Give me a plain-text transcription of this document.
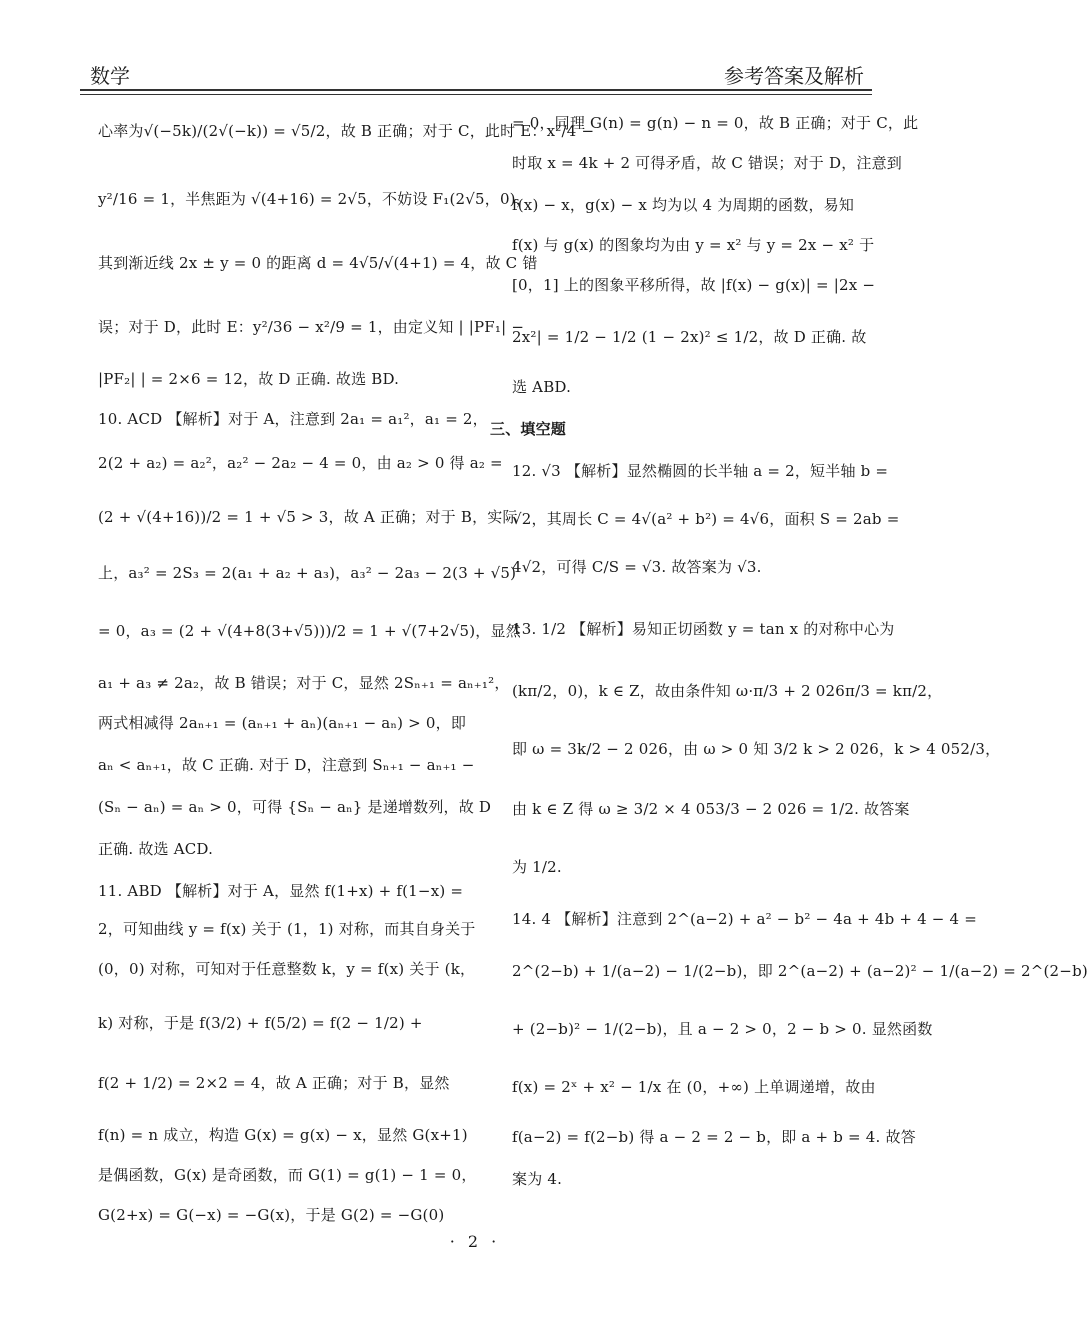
数学	参考答案及解析
心率为√(−5k)/(2√(−k)) = √5/2，故 B 正确；对于 C，此时 E：x²/4 −
y²/16 = 1，半焦距为 √(4+16) = 2√5，不妨设 F₁(2√5，0)，
其到渐近线 2x ± y = 0 的距离 d = 4√5/√(4+1) = 4，故 C 错
误；对于 D，此时 E：y²/36 − x²/9 = 1，由定义知 | |PF₁| −
|PF₂| | = 2×6 = 12，故 D 正确. 故选 BD.
10. ACD 【解析】对于 A，注意到 2a₁ = a₁²，a₁ = 2，
2(2 + a₂) = a₂²，a₂² − 2a₂ − 4 = 0，由 a₂ > 0 得 a₂ =
(2 + √(4+16))/2 = 1 + √5 > 3，故 A 正确；对于 B，实际
上，a₃² = 2S₃ = 2(a₁ + a₂ + a₃)，a₃² − 2a₃ − 2(3 + √5)
= 0，a₃ = (2 + √(4+8(3+√5)))/2 = 1 + √(7+2√5)，显然
a₁ + a₃ ≠ 2a₂，故 B 错误；对于 C，显然 2Sₙ₊₁ = aₙ₊₁²，
两式相减得 2aₙ₊₁ = (aₙ₊₁ + aₙ)(aₙ₊₁ − aₙ) > 0，即
aₙ < aₙ₊₁，故 C 正确. 对于 D，注意到 Sₙ₊₁ − aₙ₊₁ −
(Sₙ − aₙ) = aₙ > 0，可得 {Sₙ − aₙ} 是递增数列，故 D
正确. 故选 ACD.
11. ABD 【解析】对于 A，显然 f(1+x) + f(1−x) =
2，可知曲线 y = f(x) 关于 (1，1) 对称，而其自身关于
(0，0) 对称，可知对于任意整数 k，y = f(x) 关于 (k，
k) 对称，于是 f(3/2) + f(5/2) = f(2 − 1/2) +
f(2 + 1/2) = 2×2 = 4，故 A 正确；对于 B，显然
f(n) = n 成立，构造 G(x) = g(x) − x，显然 G(x+1)
是偶函数，G(x) 是奇函数，而 G(1) = g(1) − 1 = 0，
G(2+x) = G(−x) = −G(x)，于是 G(2) = −G(0)
= 0，同理 G(n) = g(n) − n = 0，故 B 正确；对于 C，此
时取 x = 4k + 2 可得矛盾，故 C 错误；对于 D，注意到
f(x) − x，g(x) − x 均为以 4 为周期的函数，易知
f(x) 与 g(x) 的图象均为由 y = x² 与 y = 2x − x² 于
[0，1] 上的图象平移所得，故 |f(x) − g(x)| = |2x −
2x²| = 1/2 − 1/2 (1 − 2x)² ≤ 1/2，故 D 正确. 故
选 ABD.
三、填空题
12. √3 【解析】显然椭圆的长半轴 a = 2，短半轴 b =
√2，其周长 C = 4√(a² + b²) = 4√6，面积 S = 2ab =
4√2，可得 C/S = √3. 故答案为 √3.
13. 1/2 【解析】易知正切函数 y = tan x 的对称中心为
(kπ/2，0)，k ∈ Z，故由条件知 ω·π/3 + 2 026π/3 = kπ/2，
即 ω = 3k/2 − 2 026，由 ω > 0 知 3/2 k > 2 026，k > 4 052/3，
由 k ∈ Z 得 ω ≥ 3/2 × 4 053/3 − 2 026 = 1/2. 故答案
为 1/2.
14. 4 【解析】注意到 2^(a−2) + a² − b² − 4a + 4b + 4 − 4 =
2^(2−b) + 1/(a−2) − 1/(2−b)，即 2^(a−2) + (a−2)² − 1/(a−2) = 2^(2−b)
+ (2−b)² − 1/(2−b)，且 a − 2 > 0，2 − b > 0. 显然函数
f(x) = 2ˣ + x² − 1/x 在 (0，+∞) 上单调递增，故由
f(a−2) = f(2−b) 得 a − 2 = 2 − b，即 a + b = 4. 故答
案为 4.
· 2 ·
